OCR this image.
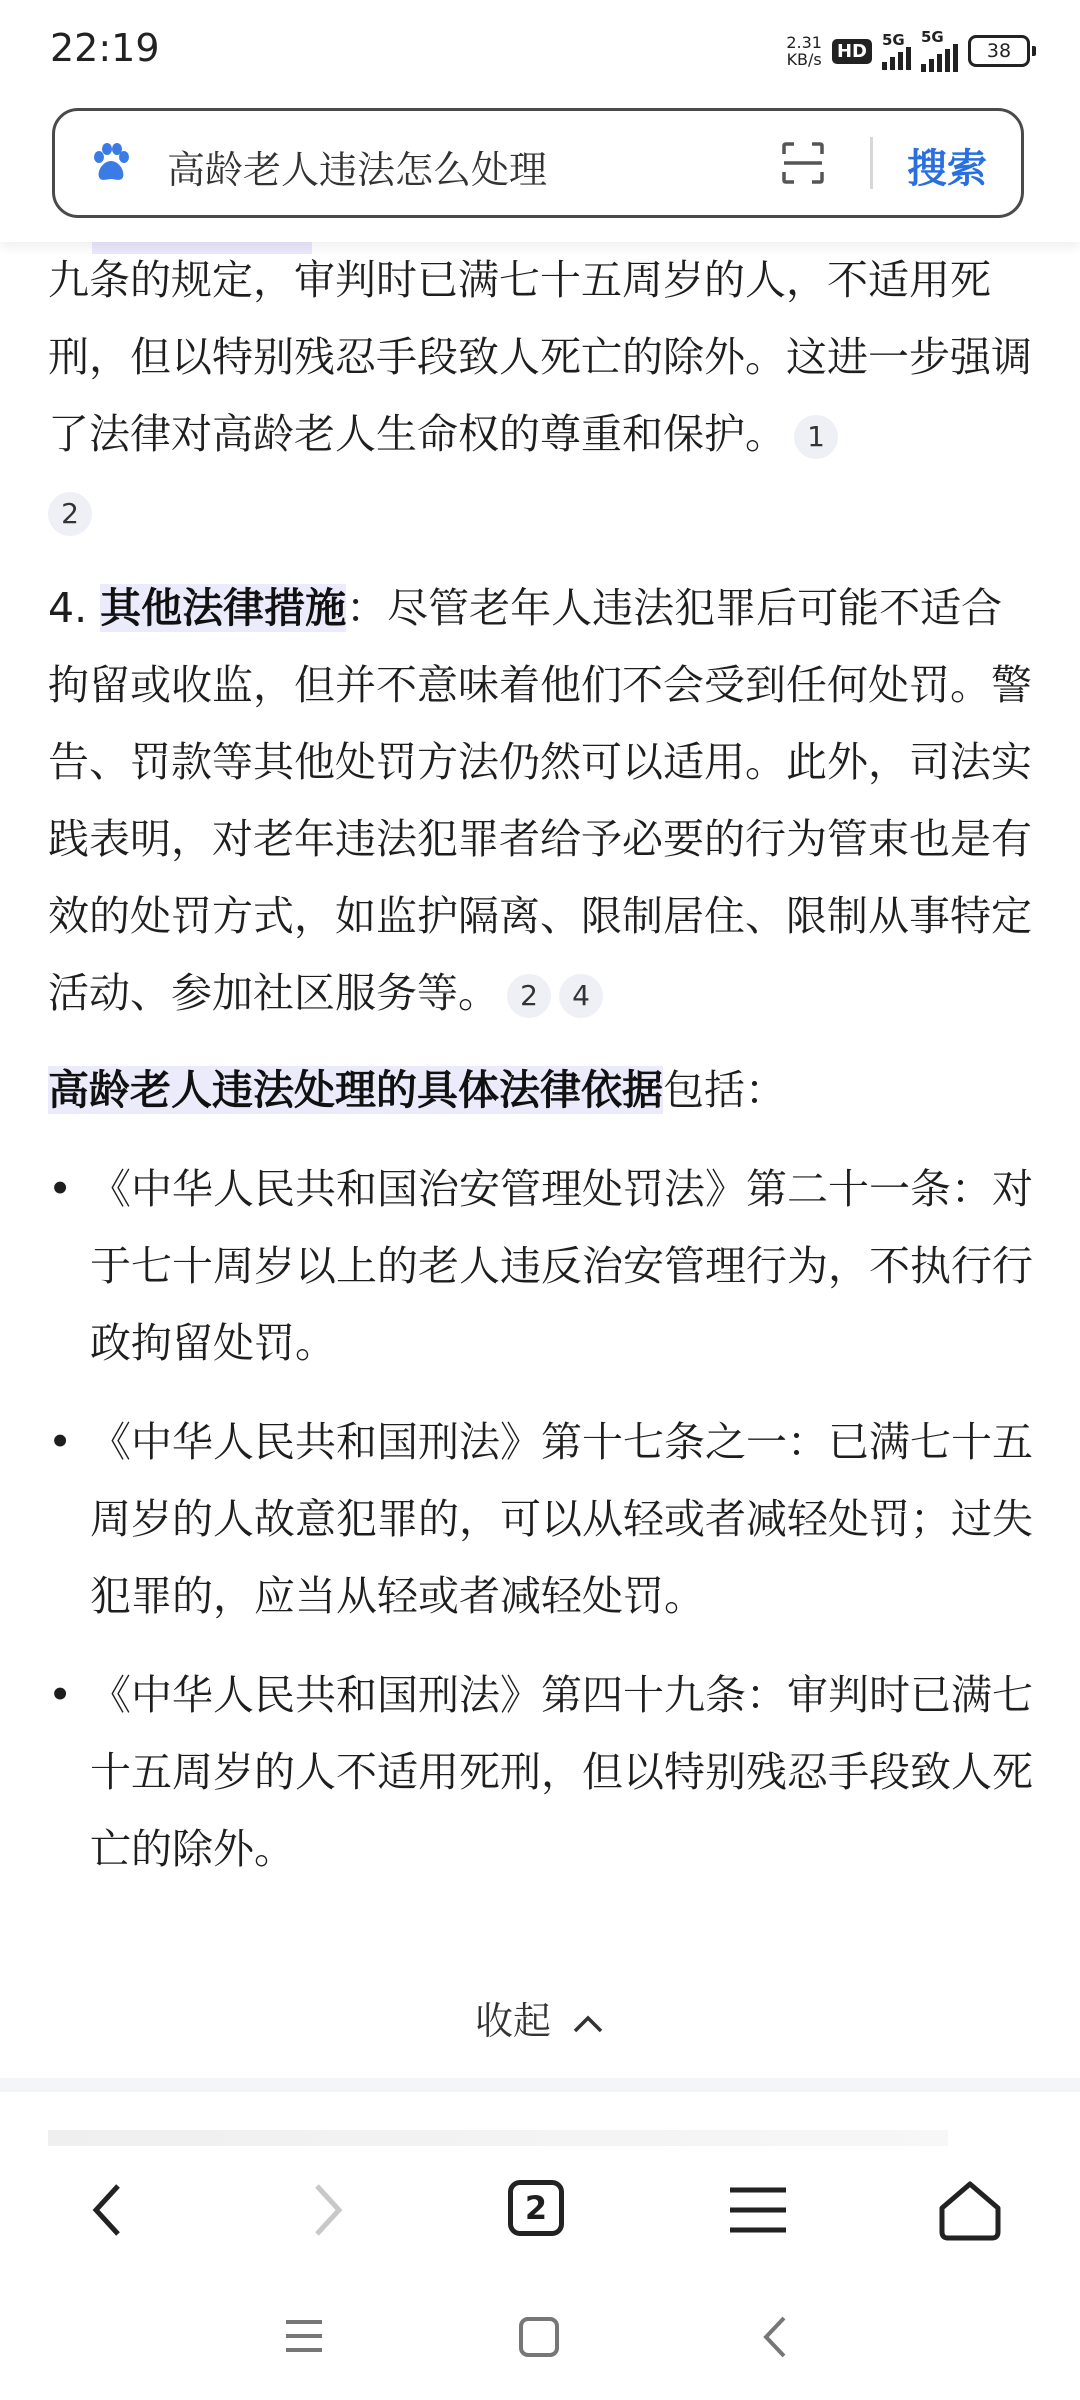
22:19	2.31
KB/s HD
5G 5G
38
高龄老人违法怎么处理	搜索

九条的规定，审判时已满七十五周岁的人，不适用死刑，但以特别残忍手段致人死亡的除外。这进一步强调了法律对高龄老人生命权的尊重和保护。 1
2

4. 其他法律措施：尽管老年人违法犯罪后可能不适合拘留或收监，但并不意味着他们不会受到任何处罚。警告、罚款等其他处罚方法仍然可以适用。此外，司法实践表明，对老年违法犯罪者给予必要的行为管束也是有效的处罚方式，如监护隔离、限制居住、限制从事特定活动、参加社区服务等。 2 4

高龄老人违法处理的具体法律依据包括：

• 《中华人民共和国治安管理处罚法》第二十一条：对于七十周岁以上的老人违反治安管理行为，不执行行政拘留处罚。
• 《中华人民共和国刑法》第十七条之一：已满七十五周岁的人故意犯罪的，可以从轻或者减轻处罚；过失犯罪的，应当从轻或者减轻处罚。
• 《中华人民共和国刑法》第四十九条：审判时已满七十五周岁的人不适用死刑，但以特别残忍手段致人死亡的除外。
收起
2
